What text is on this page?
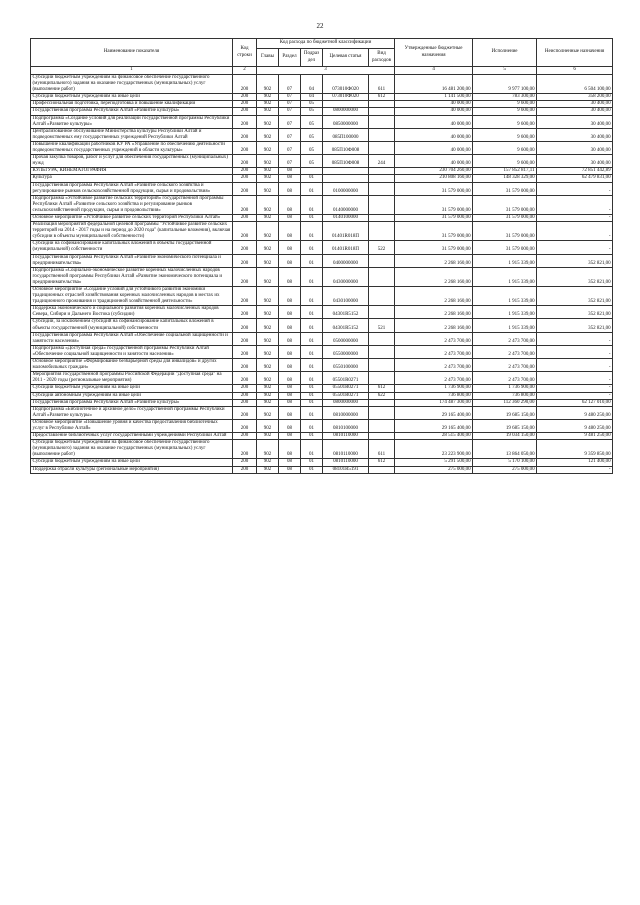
22
Наименование показателя	Код строки	Код расхода по бюджетной классификации					Утвержденные бюджетные назначения	Исполнение	Неисполненные назначения
		Главы	Раздел	Подраз дел	Целевая статья	Вид расходов			
1	2	3					4	5	6
Субсидии бюджетным учреждениям на финансовое обеспечение государственного (муниципального) задания на оказание государственных (муниципальных) услуг (выполнение работ)	200	902	07	04	073010Ф020	611	16 481 200,00	9 977 100,00	6 504 100,00
Субсидии бюджетным учреждениям на иные цели	200	902	07	04	073010Ф020	612	1 141 500,00	783 300,00	358 200,00
Профессиональная подготовка, переподготовка и повышение квалификации	200	902	07	05			40 000,00	9 600,00	30 400,00
Государственная программа Республики Алтай «Развитие культуры»	200	902	07	05	0800000000		40 000,00	9 600,00	30 400,00
Подпрограмма «Создание условий для реализации государственной программы Республики Алтай «Развитие культуры»	200	902	07	05	0850000000		40 000,00	9 600,00	30 400,00
Централизованное обслуживание Министерства культуры Республики Алтай и подведомственных ему государственных учреждений Республики Алтай	200	902	07	05	085П100000		40 000,00	9 600,00	30 400,00
Повышение квалификации работников КУ РА «Управление по обеспечению деятельности подведомственных государственных учреждений в области культуры»	200	902	07	05	085П10Ф008		40 000,00	9 600,00	30 400,00
Прочая закупка товаров, работ и услуг для обеспечения государственных (муниципальных) нужд	200	902	07	05	085П10Ф008	244	40 000,00	9 600,00	30 400,00
КУЛЬТУРА, КИНЕМАТОГРАФИЯ	200	902	08				230 704 260,00	157 852 817,11	72 851 442,89
Культура	200	902	08	01			210 808 160,00	148 328 329,00	62 479 831,00
Государственная программа Республики Алтай «Развитие сельского хозяйства и регулирование рынков сельскохозяйственной продукции, сырья и продовольствия»	200	902	08	01	0100000000		31 579 000,00	31 579 000,00	-
Подпрограмма «Устойчивое развитие сельских территорий» государственной программы Республики Алтай «Развитие сельского хозяйства и регулирование рынков сельскохозяйственной продукции, сырья и продовольствия»	200	902	08	01	0140000000		31 579 000,00	31 579 000,00	-
Основное мероприятие «Устойчивое развитие сельских территорий Республики Алтай»	200	902	08	01	0140100000		31 579 000,00	31 579 000,00	-
Реализация мероприятий федеральной целевой программы "Устойчивое развитие сельских территорий на 2014 - 2017 годы и на период до 2020 года" (капитальные вложения), включая субсидии в объекты муниципальной собственности)	200	902	08	01	01401R018П		31 579 000,00	31 579 000,00	-
Субсидии на софинансирование капитальных вложений в объекты государственной (муниципальной) собственности	200	902	08	01	01401R018П	522	31 579 000,00	31 579 000,00	-
Государственная программа Республики Алтай «Развитие экономического потенциала и предпринимательства»	200	902	08	01	0400000000		2 268 160,00	1 915 339,00	352 821,00
Подпрограмма «Социально-экономическое развитие коренных малочисленных народов государственной программы Республики Алтай «Развитие экономического потенциала и предпринимательства»	200	902	08	01	0430000000		2 268 160,00	1 915 339,00	352 821,00
Основное мероприятие «Создание условий для устойчивого развития экономики традиционных отраслей хозяйствования коренных малочисленных народов в местах их традиционного проживания и традиционной хозяйственной деятельности»	200	902	08	01	0430100000		2 268 160,00	1 915 339,00	352 821,00
Поддержка экономического и социального развития коренных малочисленных народов Севера, Сибири и Дальнего Востока (субсидии)	200	902	08	01	04301R5152		2 268 160,00	1 915 339,00	352 821,00
Субсидии, за исключением субсидий на софинансирование капитальных вложений в объекты государственной (муниципальной) собственности	200	902	08	01	04301R5152	521	2 268 160,00	1 915 339,00	352 821,00
Государственная программа Республики Алтай «Обеспечение социальной защищенности и занятости населения»	200	902	08	01	0500000000		2 473 700,00	2 473 700,00	-
Подпрограмма «Доступная среда» государственной программы Республики Алтай «Обеспечение социальной защищенности и занятости населения»	200	902	08	01	0550000000		2 473 700,00	2 473 700,00	-
Основное мероприятие «Формирование безбарьерной среды для инвалидов» и других маломобильных граждан»	200	902	08	01	0550100000		2 473 700,00	2 473 700,00	-
Мероприятия государственной программы Российской Федерации "Доступная среда" на 2011 - 2020 годы (региональные мероприятия)	200	902	08	01	05501R0271		2 473 700,00	2 473 700,00	-
Субсидии бюджетным учреждениям на иные цели	200	902	08	01	05501R0271	612	1 736 900,00	1 736 900,00	-
Субсидии автономным учреждениям на иные цели	200	902	08	01	05501R0271	622	736 800,00	736 800,00	-
Государственная программа Республики Алтай «Развитие культуры»	200	902	08	01	0800000000		174 487 300,00	112 360 290,00	62 127 010,00
Подпрограмма «Библиотечное и архивное дело» государственной программы Республики Алтай «Развитие культуры»	200	902	08	01	0810000000		29 165 400,00	19 685 150,00	9 480 250,00
Основное мероприятие «Повышение уровня и качества предоставления библиотечных услуг в Республике Алтай»	200	902	08	01	0810100000		29 165 400,00	19 685 150,00	9 480 250,00
Предоставление библиотечных услуг государственными учреждениями Республики Алтай	200	902	08	01	0810110000		28 515 400,00	19 034 150,00	9 481 250,00
Субсидии бюджетным учреждениям на финансовое обеспечение государственного (муниципального) задания на оказание государственных (муниципальных) услуг (выполнение работ)	200	902	08	01	0810110000	611	23 223 900,00	13 864 050,00	9 359 850,00
Субсидии бюджетным учреждениям на иные цели	200	902	08	01	0810110000	612	5 291 500,00	5 170 100,00	121 400,00
Поддержка отрасли культуры (региональные мероприятия)	200	902	08	01	08101R5191		275 000,00	275 000,00	-
